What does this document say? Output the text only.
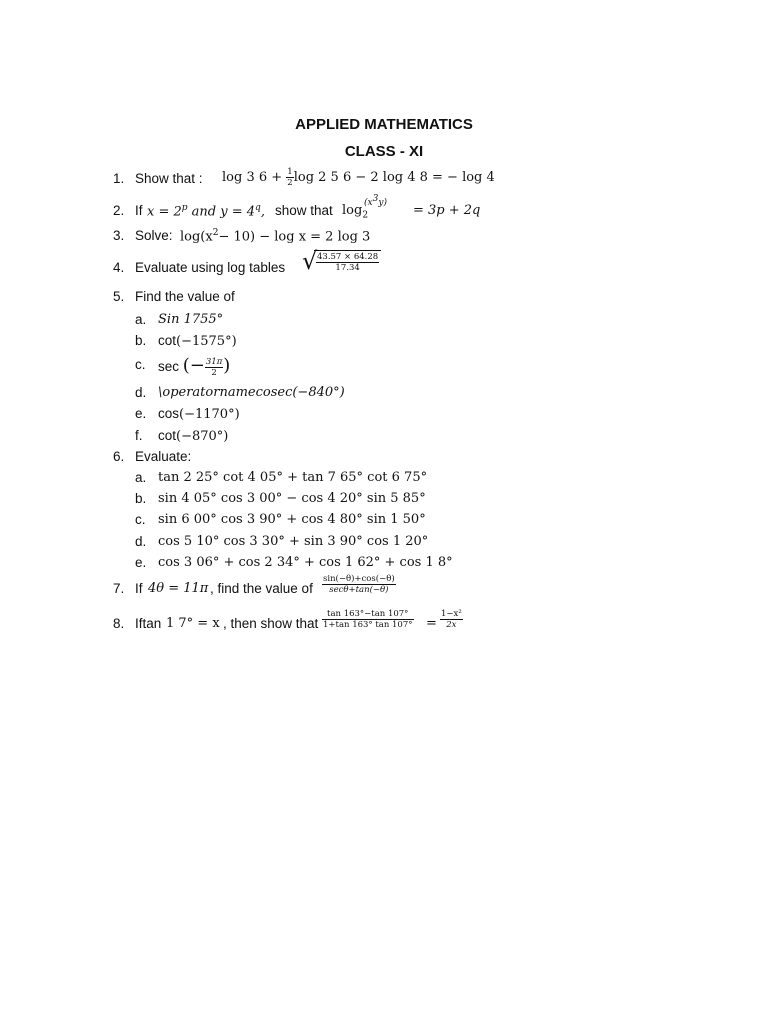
APPLIED MATHEMATICS
CLASS - XI
1. Show that : log 3 $6 + \frac{1}{2}$ log 2 5 6 − 2 log 4 8 = − log 4
2. If $x = 2^p$ and $y = 4^q$, show that $\log_2^{(x^3y)}$	= 3p + 2q
3. Solve: $\log(x^2- 10) - \log x = 2$ log 3
4. Evaluate using log tables √
$\frac{43.57 \times 64.28}{17.34}$
5. Find the value of
a. Sin 1755°
b. cot(−1575°)
c. sec (− $\frac{31\pi}{2}$ )
d. \operatornamecosec(−840°)
e. cos(−1170°)
f. cot(−870°)
6. Evaluate:
a. tan 2 25° cot 4 05° + tan 7 65° cot 6 75°
b. sin 4 05° cos 3 00° − cos 4 20° sin 5 85°
c. sin 6 00° cos 3 90° + cos 4 80° sin 1 50°
d. cos 5 10° cos 3 30° + sin 3 90° cos 1 20°
e. cos 3 06° + cos 2 34° + cos 1 62° + cos 1 8°
7. If 4θ = 11π , find the value of
sin(−θ)+cos(−θ)
secθ+tan(−θ)
8. Iftan 1 7° = x , then show that $\frac{\tan 163^\circ-\tan 107^\circ}{1+\tan 163^\circ \tan 107^\circ} = \frac{\text{1−x²}}{2x}$
